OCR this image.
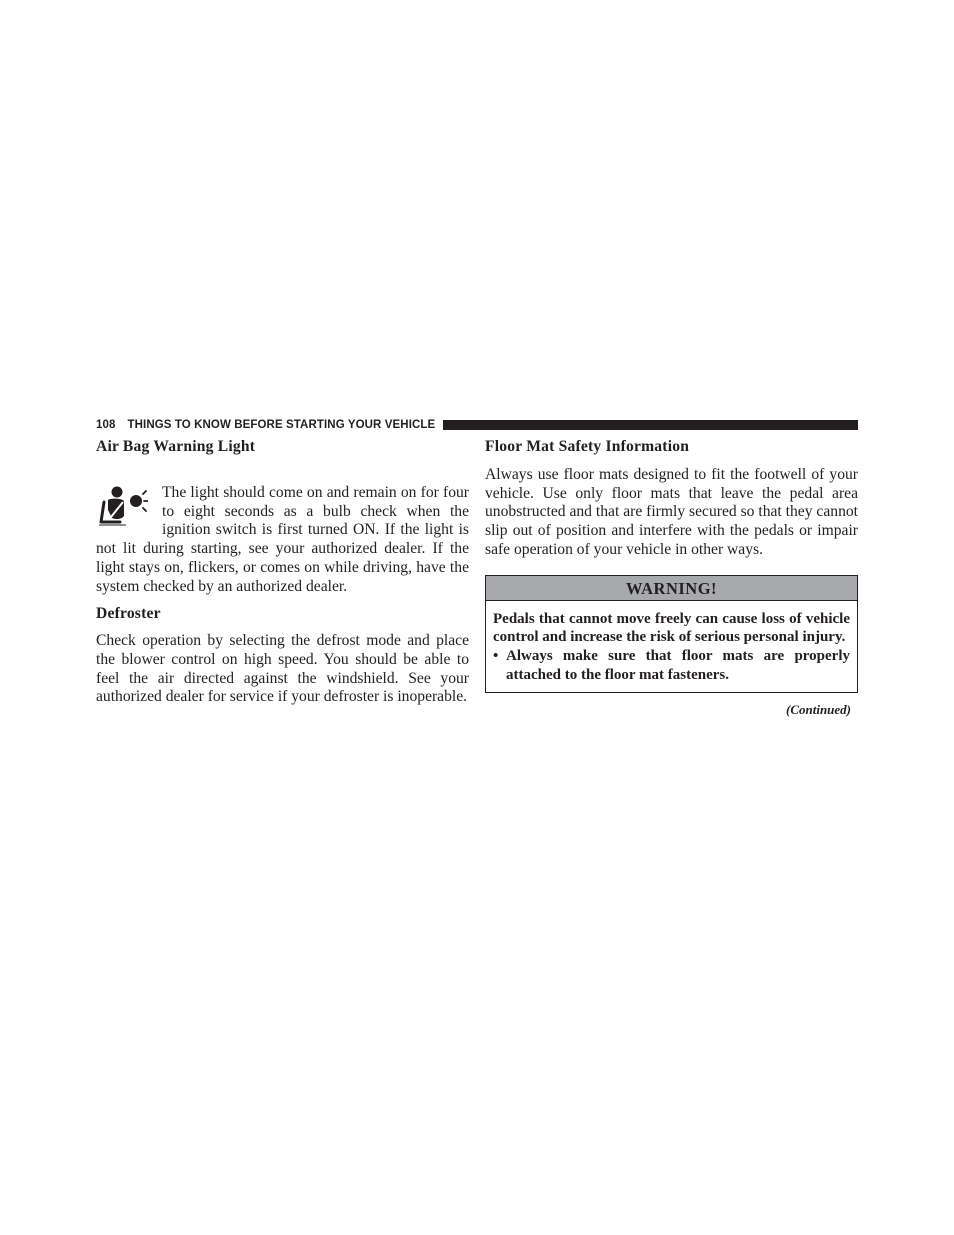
108 THINGS TO KNOW BEFORE STARTING YOUR VEHICLE
Air Bag Warning Light

The light should come on and remain on for four to eight seconds as a bulb check when the ignition switch is first turned ON. If the light is not lit during starting, see your authorized dealer. If the light stays on, flickers, or comes on while driving, have the system checked by an authorized dealer.

Defroster

Check operation by selecting the defrost mode and place the blower control on high speed. You should be able to feel the air directed against the windshield. See your authorized dealer for service if your defroster is inoperable.

Floor Mat Safety Information

Always use floor mats designed to fit the footwell of your vehicle. Use only floor mats that leave the pedal area unobstructed and that are firmly secured so that they cannot slip out of position and interfere with the pedals or impair safe operation of your vehicle in other ways.

WARNING!

Pedals that cannot move freely can cause loss of vehicle control and increase the risk of serious personal injury.

• Always make sure that floor mats are properly attached to the floor mat fasteners.

(Continued)
